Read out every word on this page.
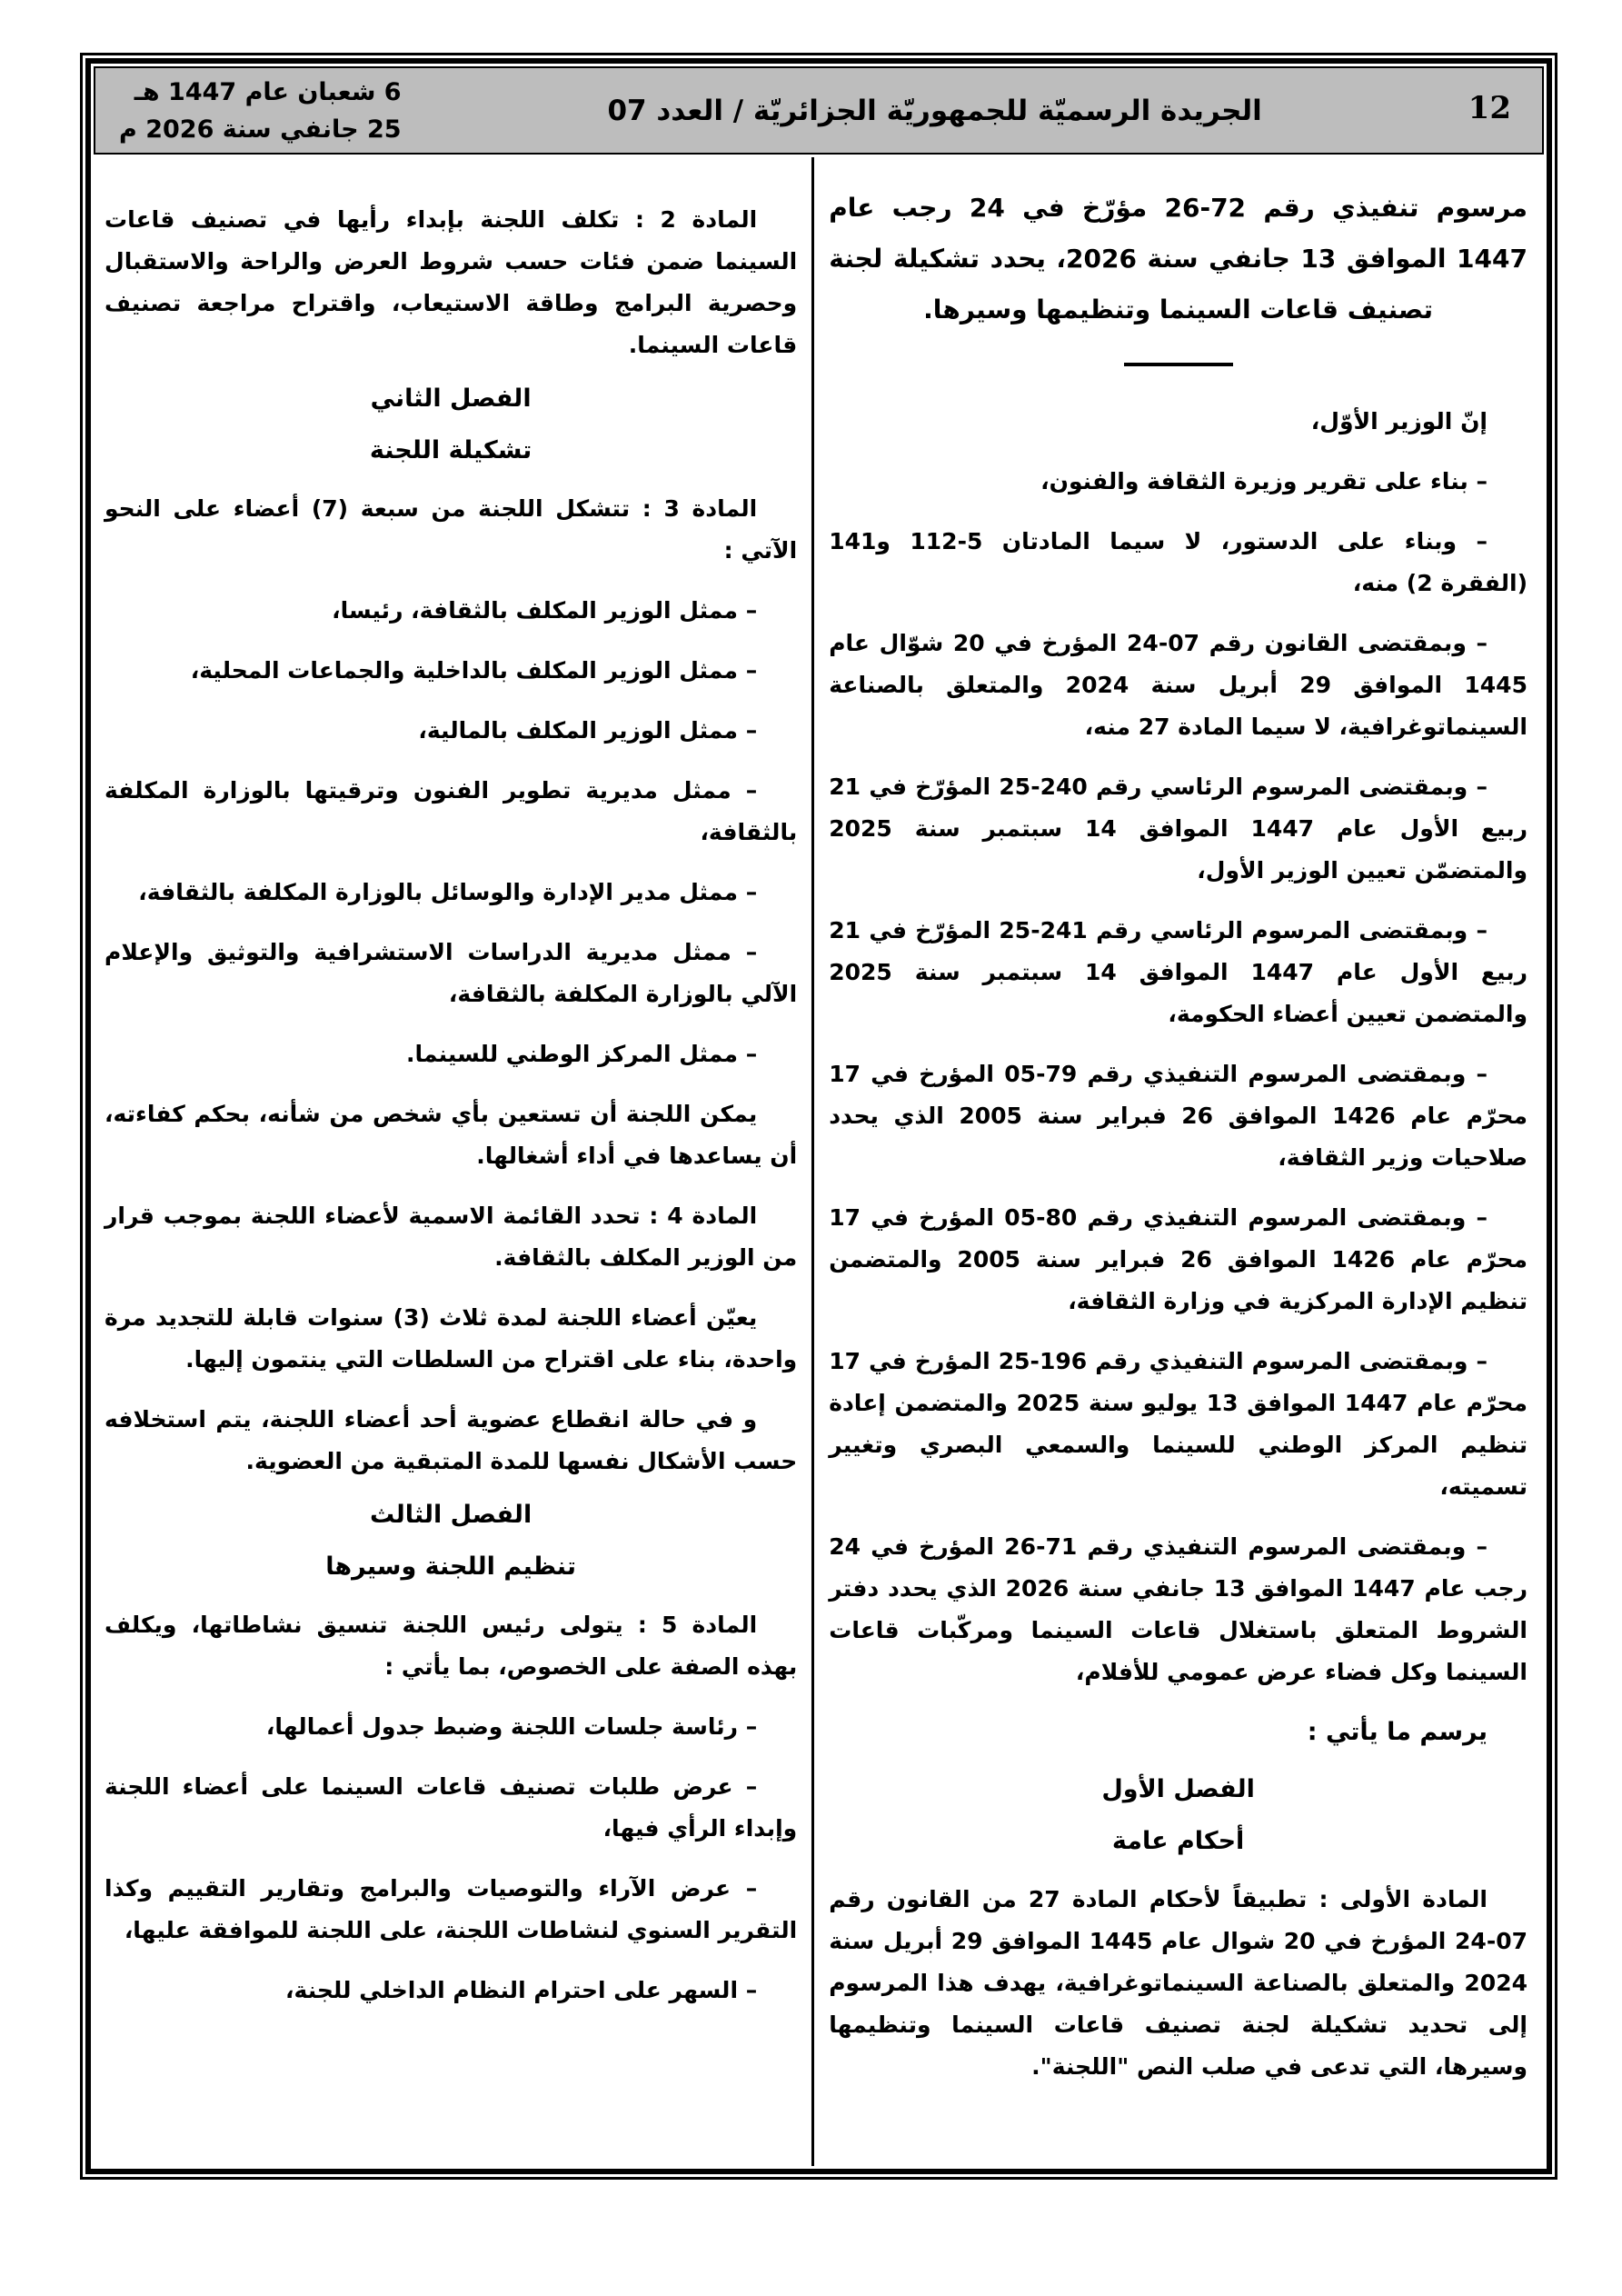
12
الجريدة الرسميّة للجمهوريّة الجزائريّة / العدد 07
6 شعبان عام 1447 هـ
25 جانفي سنة 2026 م

مرسوم تنفيذي رقم 72-26 مؤرّخ في 24 رجب عام 1447 الموافق 13 جانفي سنة 2026، يحدد تشكيلة لجنة تصنيف قاعات السينما وتنظيمها وسيرها.

إنّ الوزير الأوّل،

– بناء على تقرير وزيرة الثقافة والفنون،

– وبناء على الدستور، لا سيما المادتان 5-112 و141 (الفقرة 2) منه،

– وبمقتضى القانون رقم 07-24 المؤرخ في 20 شوّال عام 1445 الموافق 29 أبريل سنة 2024 والمتعلق بالصناعة السينماتوغرافية، لا سيما المادة 27 منه،

– وبمقتضى المرسوم الرئاسي رقم 240-25 المؤرّخ في 21 ربيع الأول عام 1447 الموافق 14 سبتمبر سنة 2025 والمتضمّن تعيين الوزير الأول،

– وبمقتضى المرسوم الرئاسي رقم 241-25 المؤرّخ في 21 ربيع الأول عام 1447 الموافق 14 سبتمبر سنة 2025 والمتضمن تعيين أعضاء الحكومة،

– وبمقتضى المرسوم التنفيذي رقم 79-05 المؤرخ في 17 محرّم عام 1426 الموافق 26 فبراير سنة 2005 الذي يحدد صلاحيات وزير الثقافة،

– وبمقتضى المرسوم التنفيذي رقم 80-05 المؤرخ في 17 محرّم عام 1426 الموافق 26 فبراير سنة 2005 والمتضمن تنظيم الإدارة المركزية في وزارة الثقافة،

– وبمقتضى المرسوم التنفيذي رقم 196-25 المؤرخ في 17 محرّم عام 1447 الموافق 13 يوليو سنة 2025 والمتضمن إعادة تنظيم المركز الوطني للسينما والسمعي البصري وتغيير تسميته،

– وبمقتضى المرسوم التنفيذي رقم 71-26 المؤرخ في 24 رجب عام 1447 الموافق 13 جانفي سنة 2026 الذي يحدد دفتر الشروط المتعلق باستغلال قاعات السينما ومركّبات قاعات السينما وكل فضاء عرض عمومي للأفلام،

يرسم ما يأتي :

الفصل الأول
أحكام عامة

المادة الأولى : تطبيقاً لأحكام المادة 27 من القانون رقم 07-24 المؤرخ في 20 شوال عام 1445 الموافق 29 أبريل سنة 2024 والمتعلق بالصناعة السينماتوغرافية، يهدف هذا المرسوم إلى تحديد تشكيلة لجنة تصنيف قاعات السينما وتنظيمها وسيرها، التي تدعى في صلب النص "اللجنة".

المادة 2 : تكلف اللجنة بإبداء رأيها في تصنيف قاعات السينما ضمن فئات حسب شروط العرض والراحة والاستقبال وحصرية البرامج وطاقة الاستيعاب، واقتراح مراجعة تصنيف قاعات السينما.

الفصل الثاني
تشكيلة اللجنة

المادة 3 : تتشكل اللجنة من سبعة (7) أعضاء على النحو الآتي :

– ممثل الوزير المكلف بالثقافة، رئيسا،

– ممثل الوزير المكلف بالداخلية والجماعات المحلية،

– ممثل الوزير المكلف بالمالية،

– ممثل مديرية تطوير الفنون وترقيتها بالوزارة المكلفة بالثقافة،

– ممثل مدير الإدارة والوسائل بالوزارة المكلفة بالثقافة،

– ممثل مديرية الدراسات الاستشرافية والتوثيق والإعلام الآلي بالوزارة المكلفة بالثقافة،

– ممثل المركز الوطني للسينما.

يمكن اللجنة أن تستعين بأي شخص من شأنه، بحكم كفاءته، أن يساعدها في أداء أشغالها.

المادة 4 : تحدد القائمة الاسمية لأعضاء اللجنة بموجب قرار من الوزير المكلف بالثقافة.

يعيّن أعضاء اللجنة لمدة ثلاث (3) سنوات قابلة للتجديد مرة واحدة، بناء على اقتراح من السلطات التي ينتمون إليها.

و في حالة انقطاع عضوية أحد أعضاء اللجنة، يتم استخلافه حسب الأشكال نفسها للمدة المتبقية من العضوية.

الفصل الثالث
تنظيم اللجنة وسيرها

المادة 5 : يتولى رئيس اللجنة تنسيق نشاطاتها، ويكلف بهذه الصفة على الخصوص، بما يأتي :

– رئاسة جلسات اللجنة وضبط جدول أعمالها،

– عرض طلبات تصنيف قاعات السينما على أعضاء اللجنة وإبداء الرأي فيها،

– عرض الآراء والتوصيات والبرامج وتقارير التقييم وكذا التقرير السنوي لنشاطات اللجنة، على اللجنة للموافقة عليها،

– السهر على احترام النظام الداخلي للجنة،
